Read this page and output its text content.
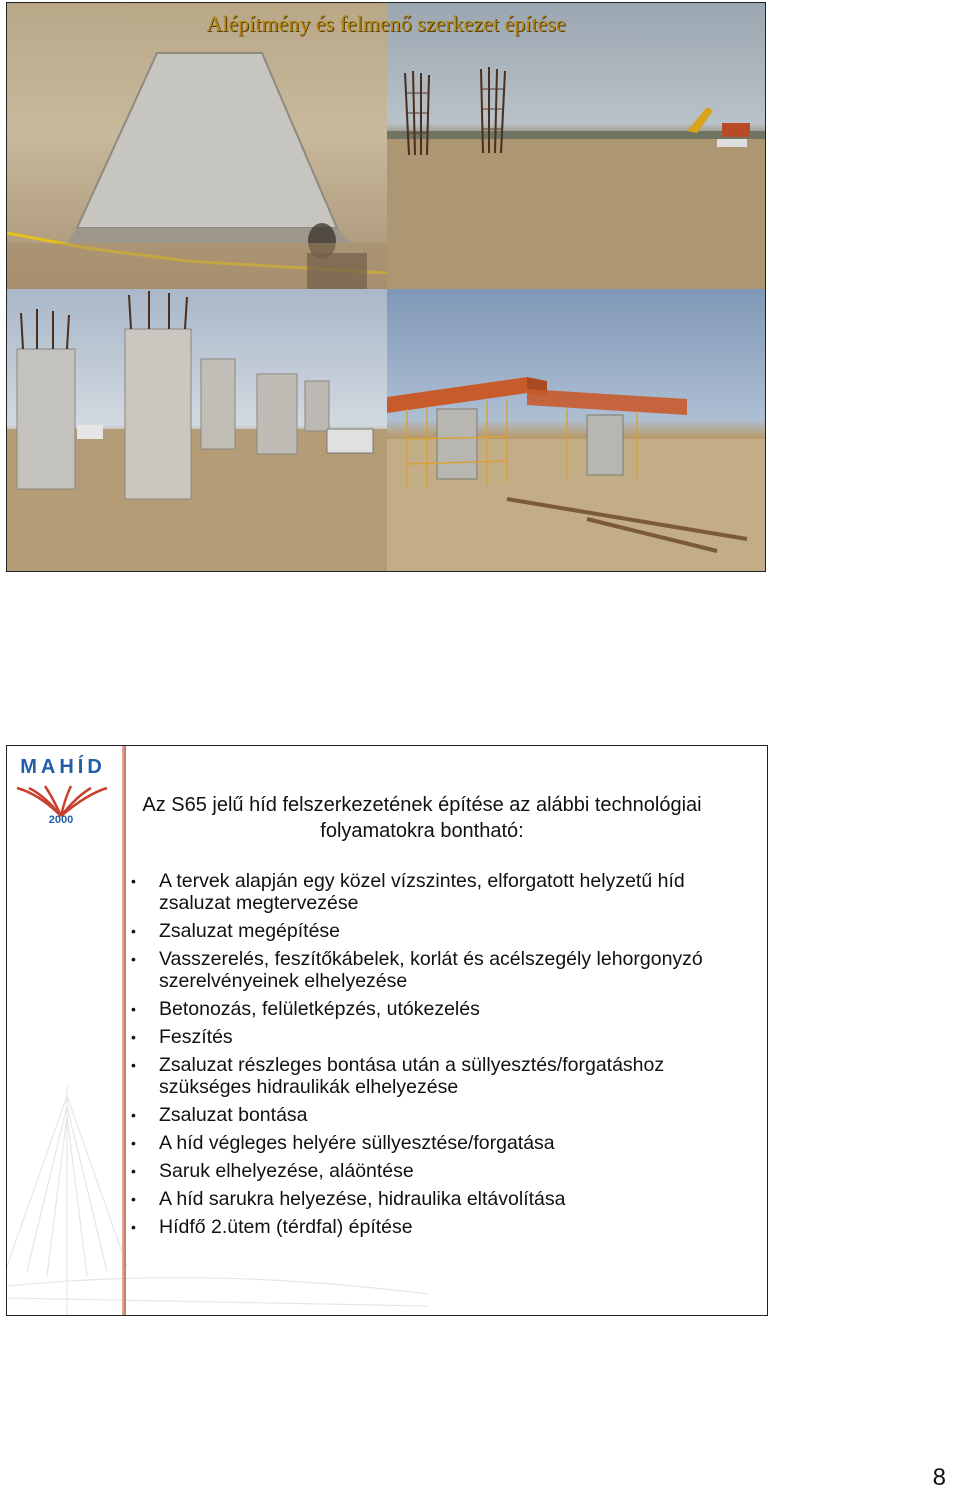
Alépítmény és felmenő szerkezet építése
MAHÍD
2000
Az S65 jelű híd felszerkezetének építése az alábbi technológiai folyamatokra bontható:
• A tervek alapján egy közel vízszintes, elforgatott helyzetű híd zsaluzat megtervezése
• Zsaluzat megépítése
• Vasszerelés, feszítőkábelek, korlát és acélszegély lehorgonyzó szerelvényeinek elhelyezése
• Betonozás, felületképzés, utókezelés
• Feszítés
• Zsaluzat részleges bontása után a süllyesztés/forgatáshoz szükséges hidraulikák elhelyezése
• Zsaluzat bontása
• A híd végleges helyére süllyesztése/forgatása
• Saruk elhelyezése, aláöntése
• A híd sarukra helyezése, hidraulika eltávolítása
• Hídfő 2.ütem (térdfal) építése
8
